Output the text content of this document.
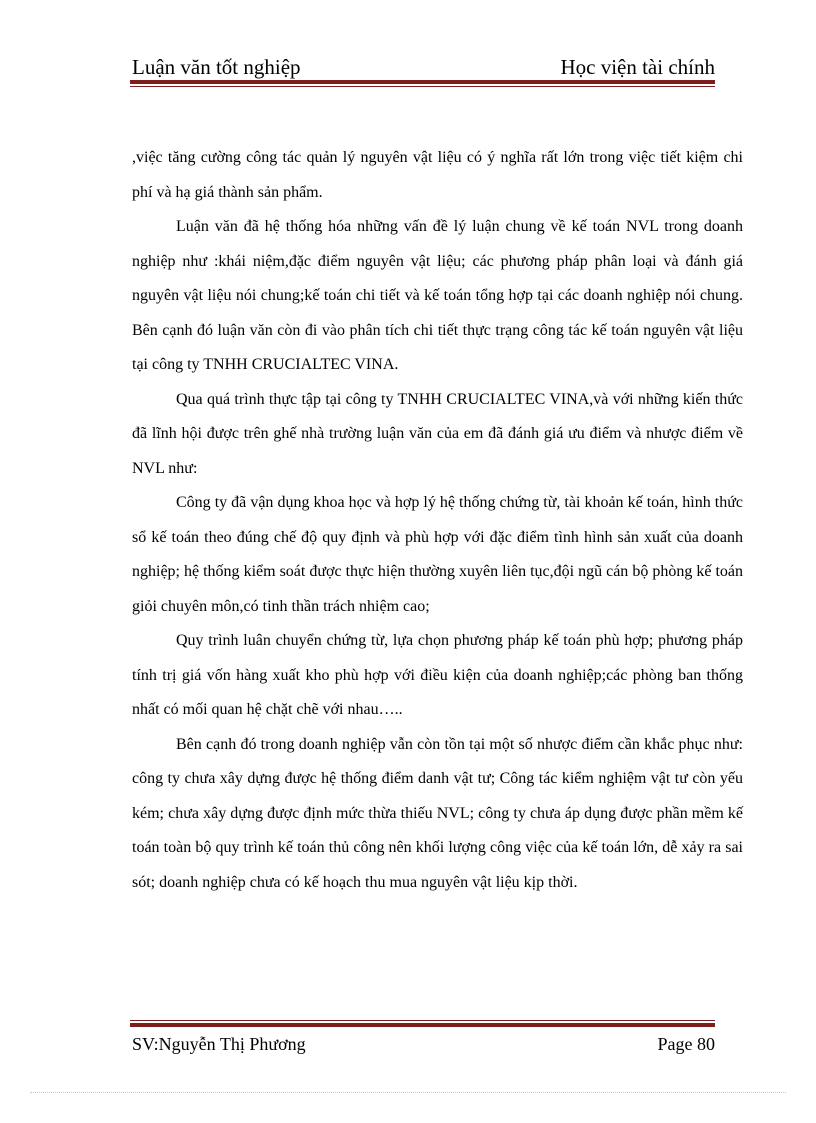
Luận văn tốt nghiệp	Học viện tài chính

,việc tăng cường công tác quản lý nguyên vật liệu có ý nghĩa rất lớn trong việc tiết kiệm chi phí và hạ giá thành sản phẩm.

Luận văn đã hệ thống hóa những vấn đề lý luận chung về kế toán NVL trong doanh nghiệp như :khái niệm,đặc điểm nguyên vật liệu; các phương pháp phân loại và đánh giá nguyên vật liệu nói chung;kế toán chi tiết và kế toán tổng hợp tại các doanh nghiệp nói chung. Bên cạnh đó luận văn còn đi vào phân tích chi tiết thực trạng công tác kế toán nguyên vật liệu tại công ty TNHH CRUCIALTEC VINA.

Qua quá trình thực tập tại công ty TNHH CRUCIALTEC VINA,và với những kiến thức đã lĩnh hội được trên ghế nhà trường luận văn của em đã đánh giá ưu điểm và nhược điểm về NVL như:

Công ty đã vận dụng khoa học và hợp lý hệ thống chứng từ, tài khoản kế toán, hình thức sổ kế toán theo đúng chế độ quy định và phù hợp với đặc điểm tình hình sản xuất của doanh nghiệp; hệ thống kiểm soát được thực hiện thường xuyên liên tục,đội ngũ cán bộ phòng kế toán giỏi chuyên môn,có tinh thần trách nhiệm cao;

Quy trình luân chuyển chứng từ, lựa chọn phương pháp kế toán phù hợp; phương pháp tính trị giá vốn hàng xuất kho phù hợp với điều kiện của doanh nghiệp;các phòng ban thống nhất có mối quan hệ chặt chẽ với nhau…..

Bên cạnh đó trong doanh nghiệp vẫn còn tồn tại một số nhược điểm cần khắc phục như: công ty chưa xây dựng được hệ thống điểm danh vật tư; Công tác kiểm nghiệm vật tư còn yếu kém; chưa xây dựng được định mức thừa thiếu NVL; công ty chưa áp dụng được phần mềm kế toán toàn bộ quy trình kế toán thủ công nên khối lượng công việc của kế toán lớn, dễ xảy ra sai sót; doanh nghiệp chưa có kế hoạch thu mua nguyên vật liệu kịp thời.

SV:Nguyễn Thị Phương	Page 80
